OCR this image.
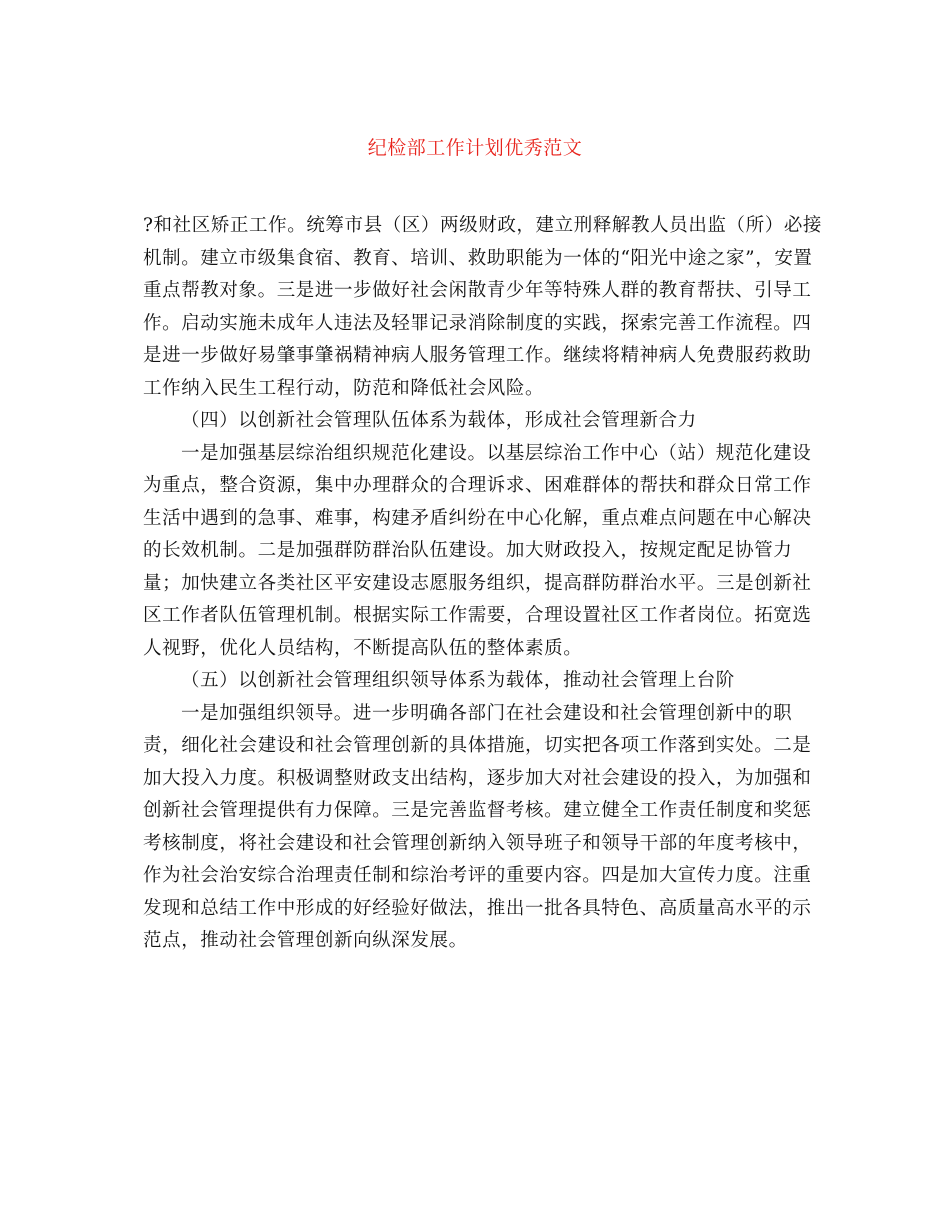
纪检部工作计划优秀范文
?和社区矫正工作。统筹市县（区）两级财政，建立刑释解教人员出监（所）必接
机制。建立市级集食宿、教育、培训、救助职能为一体的“阳光中途之家”，安置
重点帮教对象。三是进一步做好社会闲散青少年等特殊人群的教育帮扶、引导工
作。启动实施未成年人违法及轻罪记录消除制度的实践，探索完善工作流程。四
是进一步做好易肇事肇祸精神病人服务管理工作。继续将精神病人免费服药救助
工作纳入民生工程行动，防范和降低社会风险。
（四）以创新社会管理队伍体系为载体，形成社会管理新合力
一是加强基层综治组织规范化建设。以基层综治工作中心（站）规范化建设
为重点，整合资源，集中办理群众的合理诉求、困难群体的帮扶和群众日常工作
生活中遇到的急事、难事，构建矛盾纠纷在中心化解，重点难点问题在中心解决
的长效机制。二是加强群防群治队伍建设。加大财政投入，按规定配足协管力
量；加快建立各类社区平安建设志愿服务组织，提高群防群治水平。三是创新社
区工作者队伍管理机制。根据实际工作需要，合理设置社区工作者岗位。拓宽选
人视野，优化人员结构，不断提高队伍的整体素质。
（五）以创新社会管理组织领导体系为载体，推动社会管理上台阶
一是加强组织领导。进一步明确各部门在社会建设和社会管理创新中的职
责，细化社会建设和社会管理创新的具体措施，切实把各项工作落到实处。二是
加大投入力度。积极调整财政支出结构，逐步加大对社会建设的投入，为加强和
创新社会管理提供有力保障。三是完善监督考核。建立健全工作责任制度和奖惩
考核制度，将社会建设和社会管理创新纳入领导班子和领导干部的年度考核中，
作为社会治安综合治理责任制和综治考评的重要内容。四是加大宣传力度。注重
发现和总结工作中形成的好经验好做法，推出一批各具特色、高质量高水平的示
范点，推动社会管理创新向纵深发展。
